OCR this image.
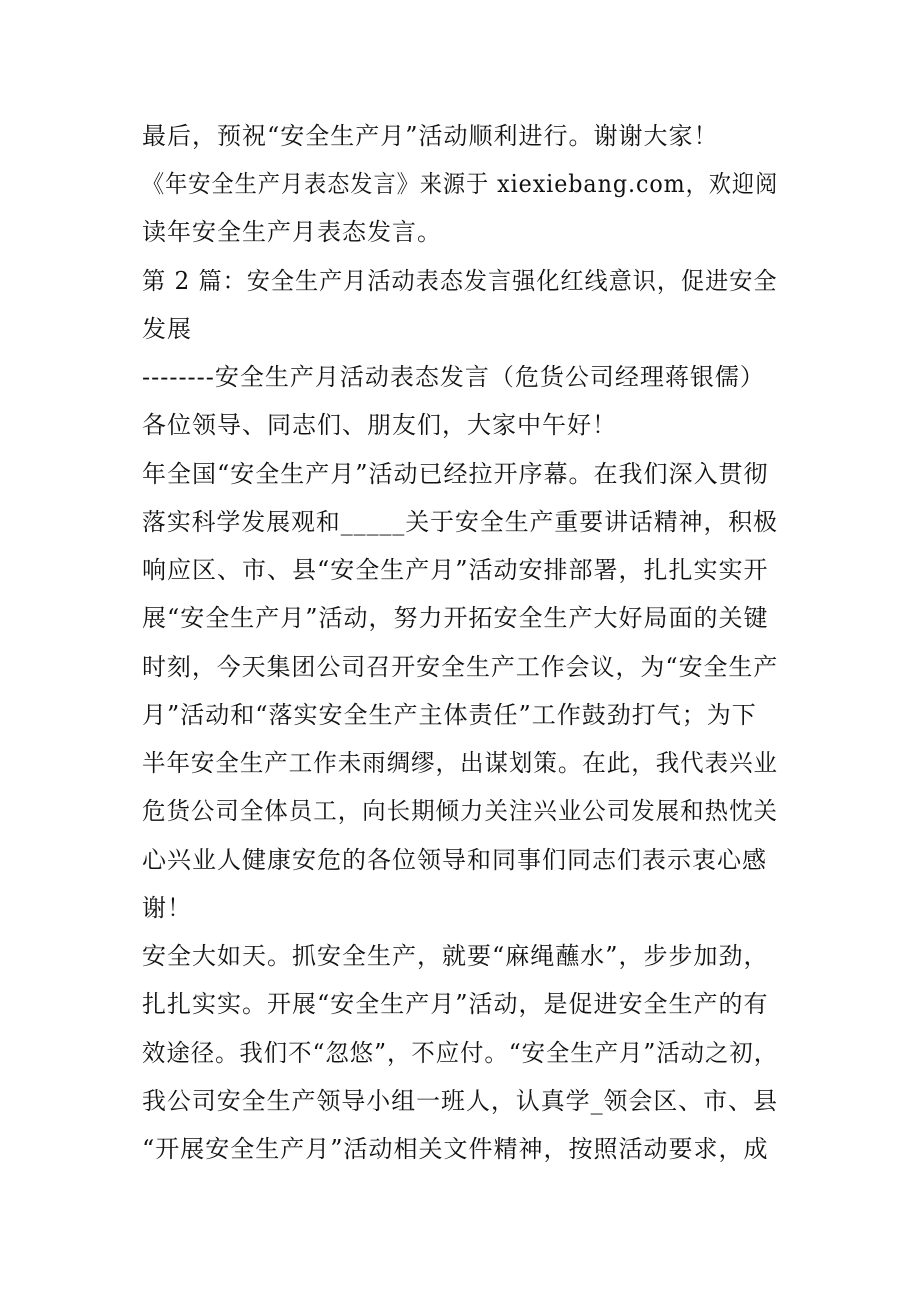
最后，预祝“安全生产月”活动顺利进行。谢谢大家！
《年安全生产月表态发言》来源于 xiexiebang.com，欢迎阅
读年安全生产月表态发言。
第 2 篇：安全生产月活动表态发言强化红线意识，促进安全
发展
--------安全生产月活动表态发言（危货公司经理蒋银儒）
各位领导、同志们、朋友们，大家中午好！
年全国“安全生产月”活动已经拉开序幕。在我们深入贯彻
落实科学发展观和_____关于安全生产重要讲话精神，积极
响应区、市、县“安全生产月”活动安排部署，扎扎实实开
展“安全生产月”活动，努力开拓安全生产大好局面的关键
时刻，今天集团公司召开安全生产工作会议，为“安全生产
月”活动和“落实安全生产主体责任”工作鼓劲打气；为下
半年安全生产工作未雨绸缪，出谋划策。在此，我代表兴业
危货公司全体员工，向长期倾力关注兴业公司发展和热忱关
心兴业人健康安危的各位领导和同事们同志们表示衷心感
谢！
安全大如天。抓安全生产，就要“麻绳蘸水”，步步加劲，
扎扎实实。开展“安全生产月”活动，是促进安全生产的有
效途径。我们不“忽悠”，不应付。“安全生产月”活动之初，
我公司安全生产领导小组一班人，认真学_领会区、市、县
“开展安全生产月”活动相关文件精神，按照活动要求，成
